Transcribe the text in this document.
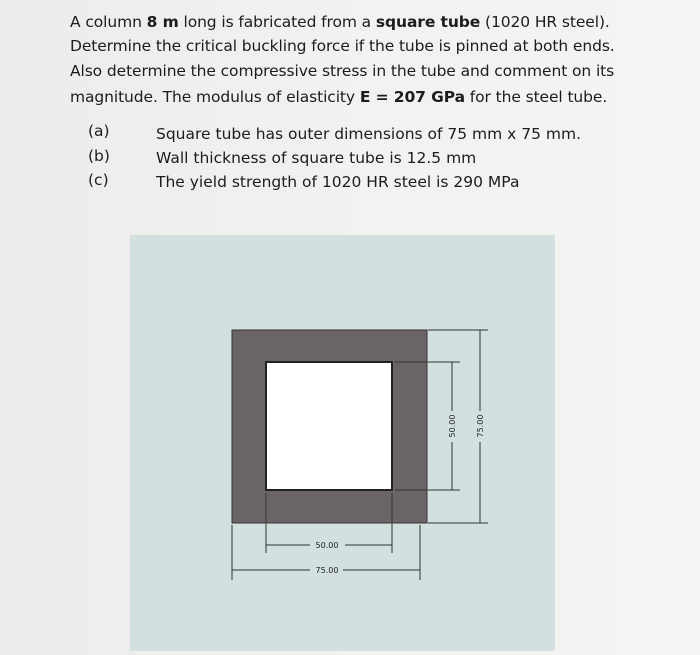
A column 8 m long is fabricated from a square tube (1020 HR steel).
Determine the critical buckling force if the tube is pinned at both ends.
Also determine the compressive stress in the tube and comment on its
magnitude. The modulus of elasticity E = 207 GPa for the steel tube.
(a)	Square tube has outer dimensions of 75 mm x 75 mm.
(b)	Wall thickness of square tube is 12.5 mm
(c)	The yield strength of 1020 HR steel is 290 MPa
50.00
75.00
50.00 75.00
